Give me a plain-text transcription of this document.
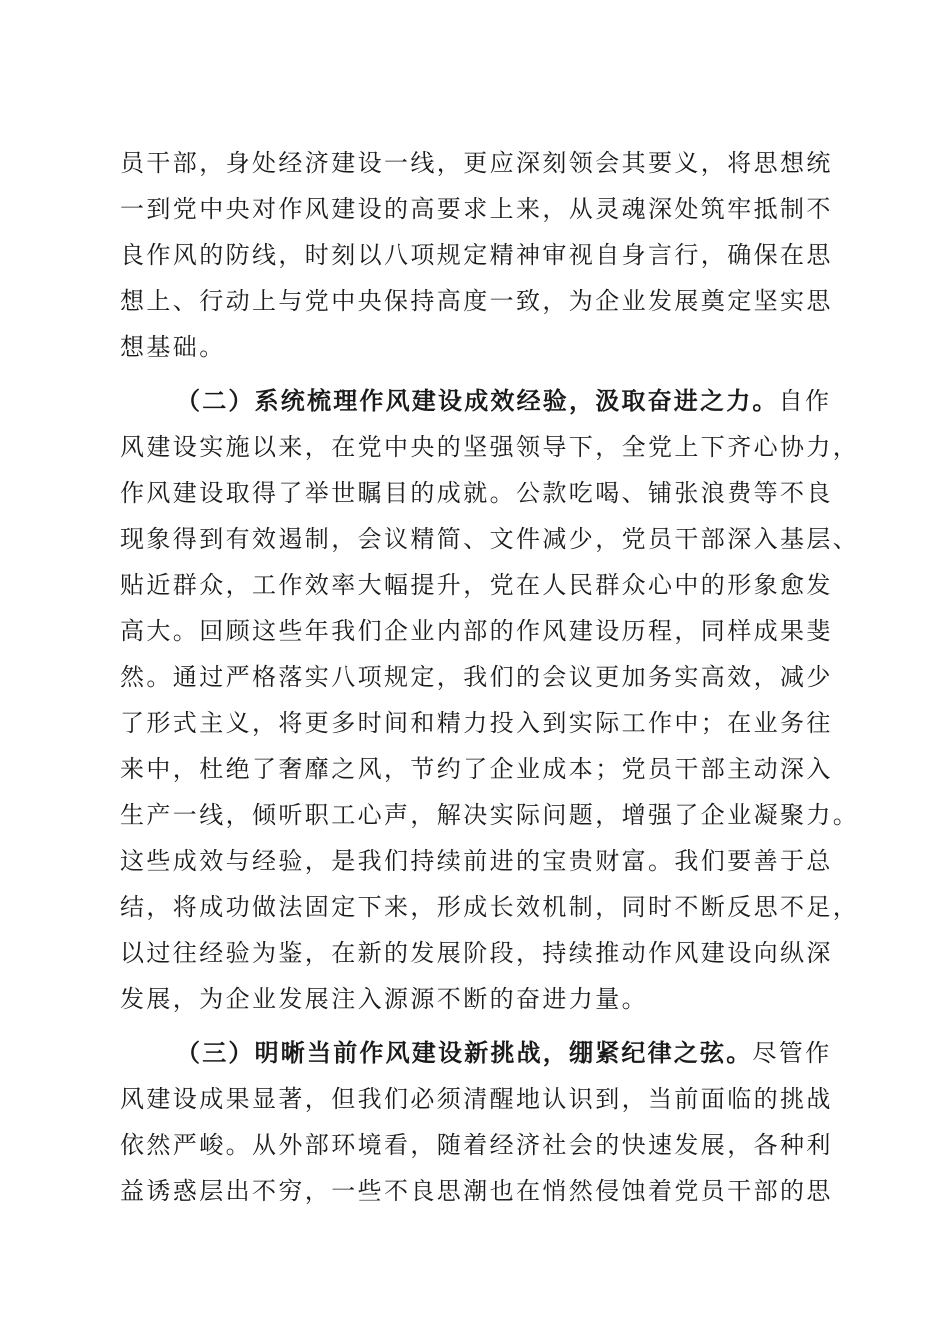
员干部，身处经济建设一线，更应深刻领会其要义，将思想统
一到党中央对作风建设的高要求上来，从灵魂深处筑牢抵制不
良作风的防线，时刻以八项规定精神审视自身言行，确保在思
想上、行动上与党中央保持高度一致，为企业发展奠定坚实思
想基础。
（二）系统梳理作风建设成效经验，汲取奋进之力。自作
风建设实施以来，在党中央的坚强领导下，全党上下齐心协力，
作风建设取得了举世瞩目的成就。公款吃喝、铺张浪费等不良
现象得到有效遏制，会议精简、文件减少，党员干部深入基层、
贴近群众，工作效率大幅提升，党在人民群众心中的形象愈发
高大。回顾这些年我们企业内部的作风建设历程，同样成果斐
然。通过严格落实八项规定，我们的会议更加务实高效，减少
了形式主义，将更多时间和精力投入到实际工作中；在业务往
来中，杜绝了奢靡之风，节约了企业成本；党员干部主动深入
生产一线，倾听职工心声，解决实际问题，增强了企业凝聚力。
这些成效与经验，是我们持续前进的宝贵财富。我们要善于总
结，将成功做法固定下来，形成长效机制，同时不断反思不足，
以过往经验为鉴，在新的发展阶段，持续推动作风建设向纵深
发展，为企业发展注入源源不断的奋进力量。
（三）明晰当前作风建设新挑战，绷紧纪律之弦。尽管作
风建设成果显著，但我们必须清醒地认识到，当前面临的挑战
依然严峻。从外部环境看，随着经济社会的快速发展，各种利
益诱惑层出不穷，一些不良思潮也在悄然侵蚀着党员干部的思
